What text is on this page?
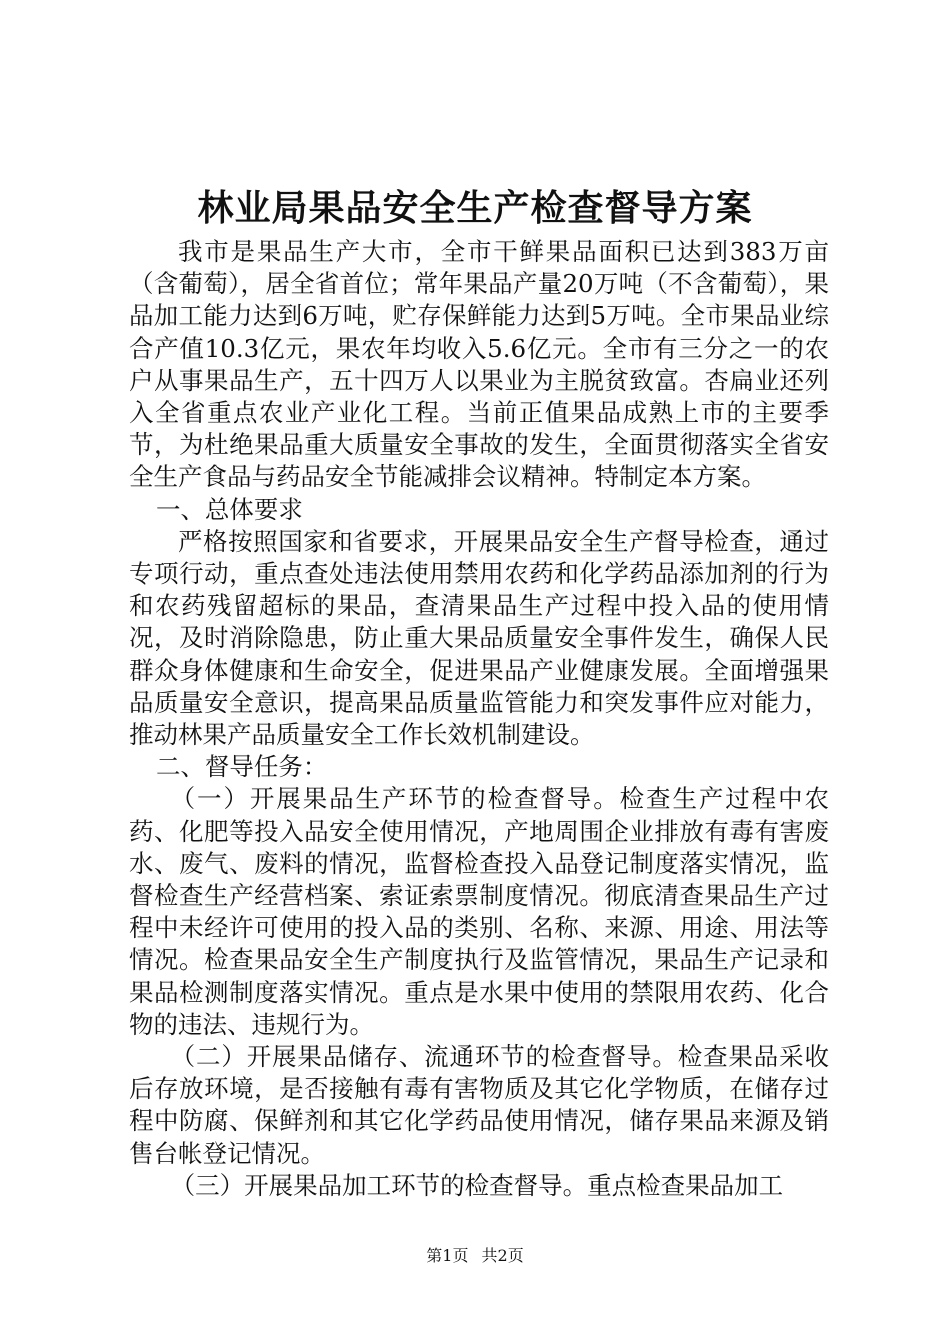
林业局果品安全生产检查督导方案

我市是果品生产大市，全市干鲜果品面积已达到383万亩（含葡萄），居全省首位；常年果品产量20万吨（不含葡萄），果品加工能力达到6万吨，贮存保鲜能力达到5万吨。全市果品业综合产值10.3亿元，果农年均收入5.6亿元。全市有三分之一的农户从事果品生产，五十四万人以果业为主脱贫致富。杏扁业还列入全省重点农业产业化工程。当前正值果品成熟上市的主要季节，为杜绝果品重大质量安全事故的发生，全面贯彻落实全省安全生产食品与药品安全节能减排会议精神。特制定本方案。

一、总体要求

严格按照国家和省要求，开展果品安全生产督导检查，通过专项行动，重点查处违法使用禁用农药和化学药品添加剂的行为和农药残留超标的果品，查清果品生产过程中投入品的使用情况，及时消除隐患，防止重大果品质量安全事件发生，确保人民群众身体健康和生命安全，促进果品产业健康发展。全面增强果品质量安全意识，提高果品质量监管能力和突发事件应对能力，推动林果产品质量安全工作长效机制建设。

二、督导任务：

（一）开展果品生产环节的检查督导。检查生产过程中农药、化肥等投入品安全使用情况，产地周围企业排放有毒有害废水、废气、废料的情况，监督检查投入品登记制度落实情况，监督检查生产经营档案、索证索票制度情况。彻底清查果品生产过程中未经许可使用的投入品的类别、名称、来源、用途、用法等情况。检查果品安全生产制度执行及监管情况，果品生产记录和果品检测制度落实情况。重点是水果中使用的禁限用农药、化合物的违法、违规行为。

（二）开展果品储存、流通环节的检查督导。检查果品采收后存放环境，是否接触有毒有害物质及其它化学物质，在储存过程中防腐、保鲜剂和其它化学药品使用情况，储存果品来源及销售台帐登记情况。

（三）开展果品加工环节的检查督导。重点检查果品加工

第1页 共2页
